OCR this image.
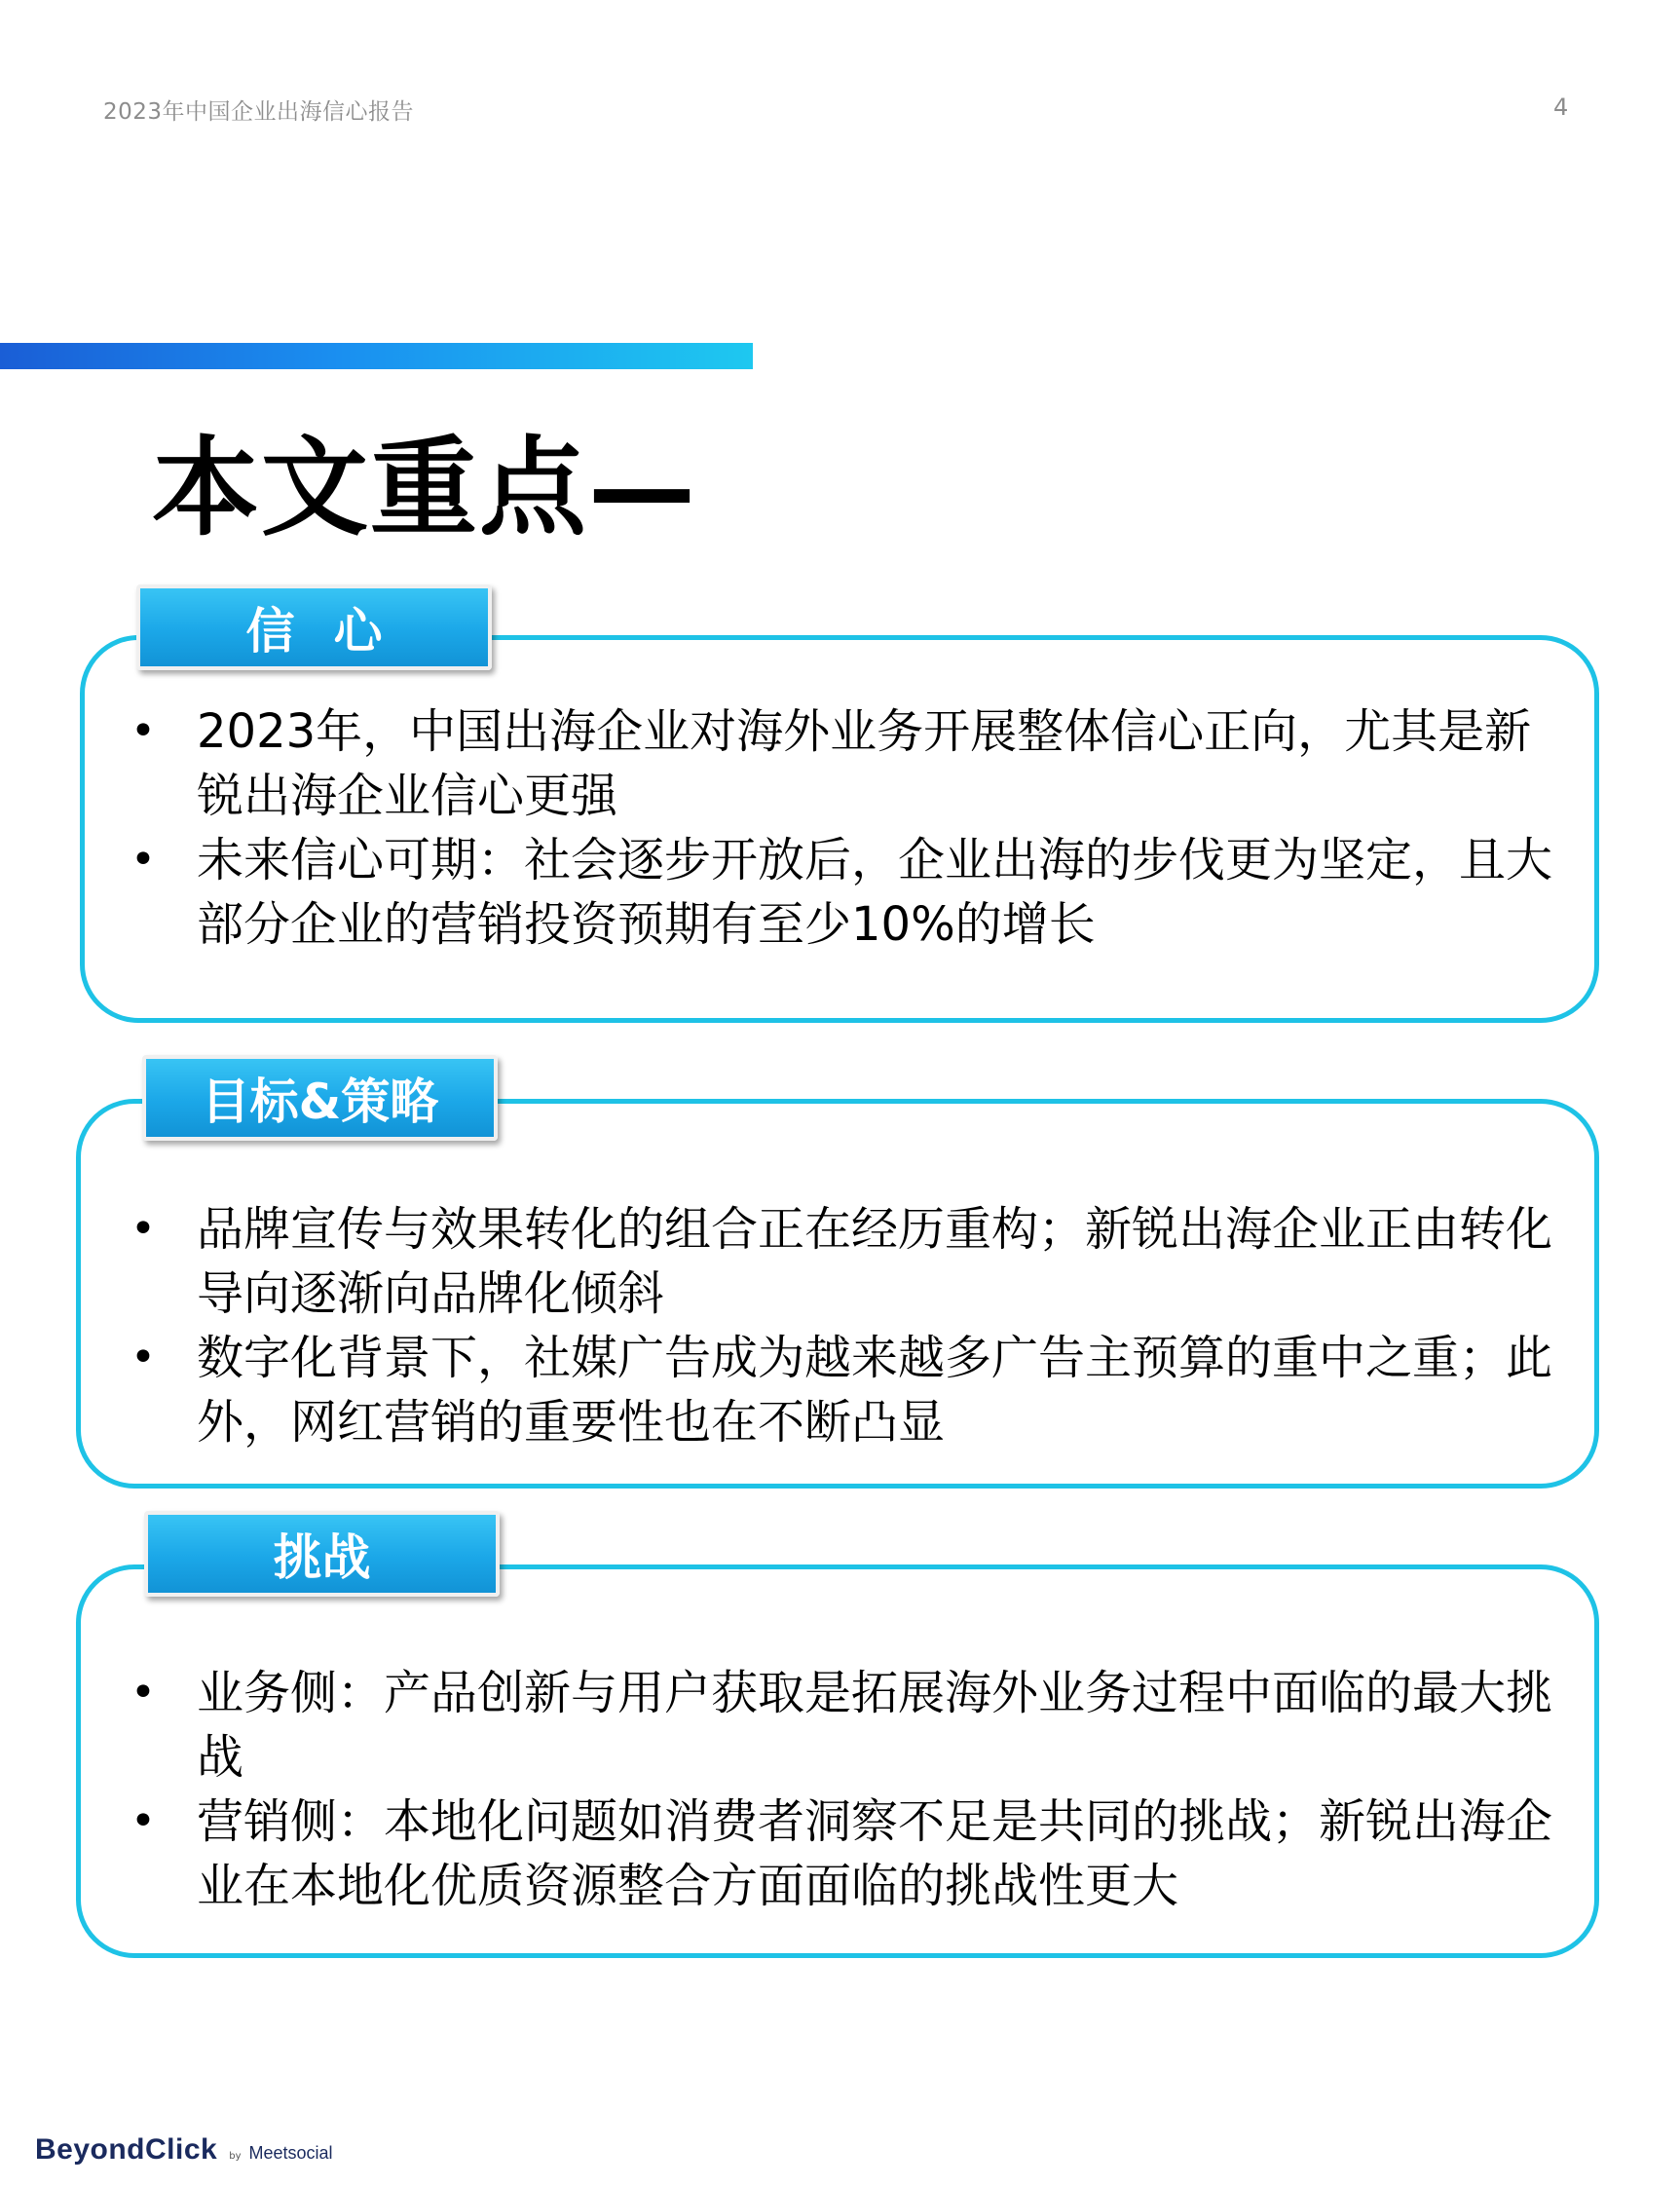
2023年中国企业出海信心报告	4
本文重点—
信心
• 2023年，中国出海企业对海外业务开展整体信心正向，尤其是新锐出海企业信心更强
• 未来信心可期：社会逐步开放后，企业出海的步伐更为坚定，且大部分企业的营销投资预期有至少10%的增长
目标&策略
• 品牌宣传与效果转化的组合正在经历重构；新锐出海企业正由转化导向逐渐向品牌化倾斜
• 数字化背景下，社媒广告成为越来越多广告主预算的重中之重；此外，网红营销的重要性也在不断凸显
挑战
• 业务侧：产品创新与用户获取是拓展海外业务过程中面临的最大挑战
• 营销侧：本地化问题如消费者洞察不足是共同的挑战；新锐出海企业在本地化优质资源整合方面面临的挑战性更大
BeyondClick by Meetsocial
